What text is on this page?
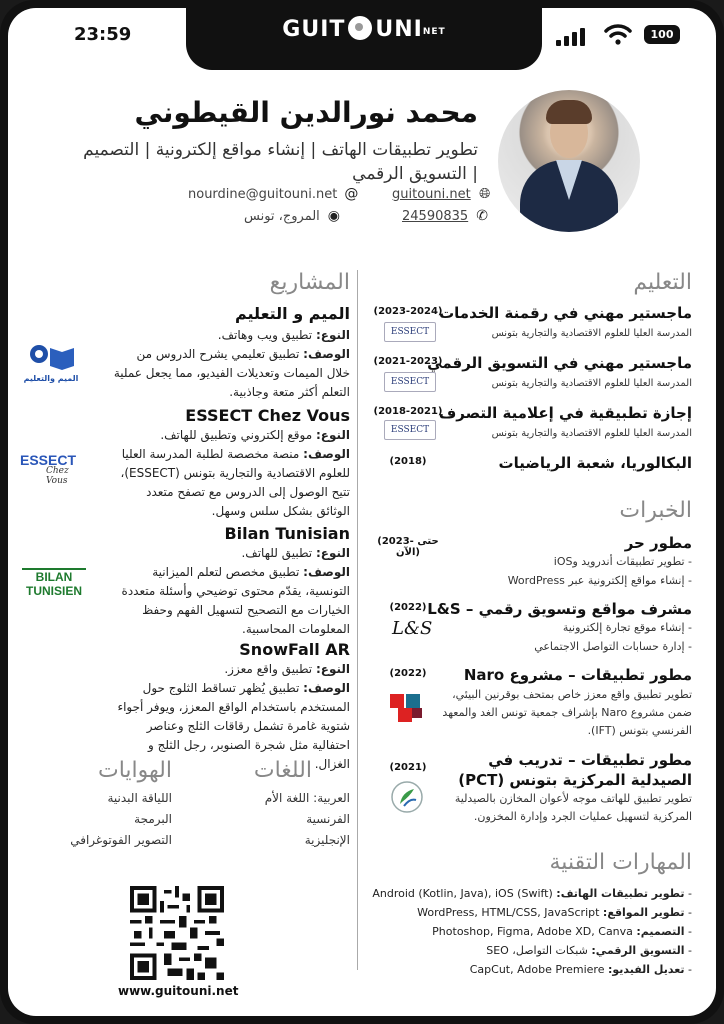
23:59	GUIT UNINET	100
محمد نورالدين القيطوني
تطوير تطبيقات الهاتف | إنشاء مواقع إلكترونية | التصميم | التسويق الرقمي
nourdine@guitouni.net @	guitouni.net 🌐︎
المروج، تونس ◉	24590835 ✆
التعليم
ماجستير مهني في رقمنة الخدمات
المدرسة العليا للعلوم الاقتصادية والتجارية بتونس
(2023-2024)
ESSECT
ماجستير مهني في التسويق الرقمي
المدرسة العليا للعلوم الاقتصادية والتجارية بتونس
(2021-2023)
ESSECT
إجازة تطبيقية في إعلامية التصرف
المدرسة العليا للعلوم الاقتصادية والتجارية بتونس
(2018-2021)
ESSECT
البكالوريا، شعبة الرياضيات
(2018)
الخبرات
مطور حر
(2023- حتى الآن)
- تطوير تطبيقات أندرويد وiOS
- إنشاء مواقع إلكترونية عبر WordPress
مشرف مواقع وتسويق رقمي – L&S
(2022)
L&S	- إنشاء موقع تجارة إلكترونية
- إدارة حسابات التواصل الاجتماعي
مطور تطبيقات – مشروع Naro
(2022)
تطوير تطبيق واقع معزز خاص بمتحف بوقرنين البيئي، ضمن مشروع Naro بإشراف جمعية تونس الغد والمعهد الفرنسي بتونس (IFT).
مطور تطبيقات – تدريب في الصيدلية المركزية بتونس (PCT)
(2021)
تطوير تطبيق للهاتف موجه لأعوان المخازن بالصيدلية المركزية لتسهيل عمليات الجرد وإدارة المخزون.
المهارات التقنية
- تطوير تطبيقات الهاتف: Android (Kotlin, Java), iOS (Swift)
- تطوير المواقع: WordPress, HTML/CSS, JavaScript
- التصميم: Photoshop, Figma, Adobe XD, Canva
- التسويق الرقمي: شبكات التواصل، SEO
- تعديل الفيديو: CapCut, Adobe Premiere
المشاريع
الميم و التعليم
النوع: تطبيق ويب وهاتف.
الوصف: تطبيق تعليمي يشرح الدروس من خلال الميمات وتعديلات الفيديو، مما يجعل عملية التعلم أكثر متعة وجاذبية.
الميم والتعليم
ESSECT Chez Vous
النوع: موقع إلكتروني وتطبيق للهاتف.
الوصف: منصة مخصصة لطلبة المدرسة العليا للعلوم الاقتصادية والتجارية بتونس (ESSECT)، تتيح الوصول إلى الدروس مع تصفح متعدد الوثائق بشكل سلس وسهل.
ESSECT
Chez Vous
Bilan Tunisian
النوع: تطبيق للهاتف.
الوصف: تطبيق مخصص لتعلم الميزانية التونسية، يقدّم محتوى توضيحي وأسئلة متعددة الخيارات مع التصحيح لتسهيل الفهم وحفظ المعلومات المحاسبية.
BILAN TUNISIEN
SnowFall AR
النوع: تطبيق واقع معزز.
الوصف: تطبيق يُظهر تساقط الثلوج حول المستخدم باستخدام الواقع المعزز، ويوفر أجواء شتوية غامرة تشمل رقاقات الثلج وعناصر احتفالية مثل شجرة الصنوبر، رجل الثلج و الغزال.
اللغات
العربية: اللغة الأم
الفرنسية
الإنجليزية
الهوايات
اللياقة البدنية
البرمجة
التصوير الفوتوغرافي
www.guitouni.net
